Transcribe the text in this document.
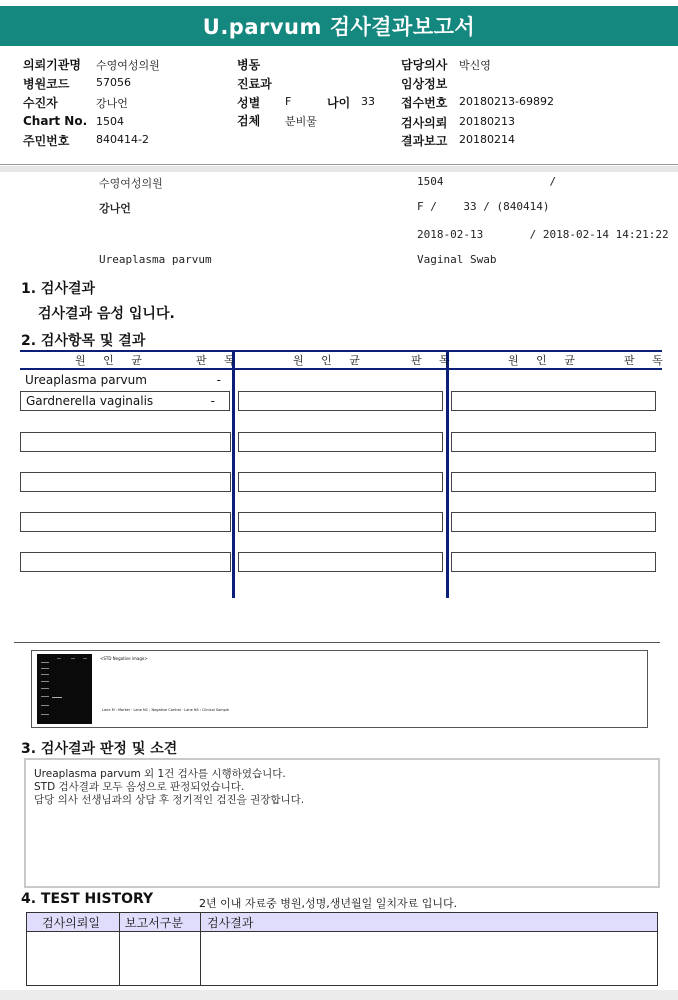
U.parvum 검사결과보고서
의뢰기관명 수영여성의원
병원코드 57056
수진자	강나언
Chart No. 1504
주민번호 840414-2
병동
진료과
성별 F	나이 33
검체 분비물
담당의사 박신영
임상정보
접수번호 20180213-69892
검사의뢰 20180213
결과보고 20180214
수영여성의원	1504                /
강나언	F /    33 / (840414)
2018-02-13       / 2018-02-14 14:21:22
Ureaplasma parvum	Vaginal Swab
1. 검사결과
검사결과 음성 입니다.
2. 검사항목 및 결과
원 인 균	판 독	원 인 균	판 독	원 인 균	판 독
Ureaplasma parvum	-
Gardnerella vaginalis	-
<STD Negative image>
Lane M : Marker · Lane NC : Negative Control · Lane NS : Clinical Sample
3. 검사결과 판정 및 소견
Ureaplasma parvum 외 1건 검사를 시행하였습니다.
STD 검사결과 모두 음성으로 판정되었습니다.
담당 의사 선생님과의 상담 후 정기적인 검진을 권장합니다.
4. TEST HISTORY	2년 이내 자료중 병원,성명,생년월일 일치자료 입니다.
검사의뢰일 보고서구분 검사결과
